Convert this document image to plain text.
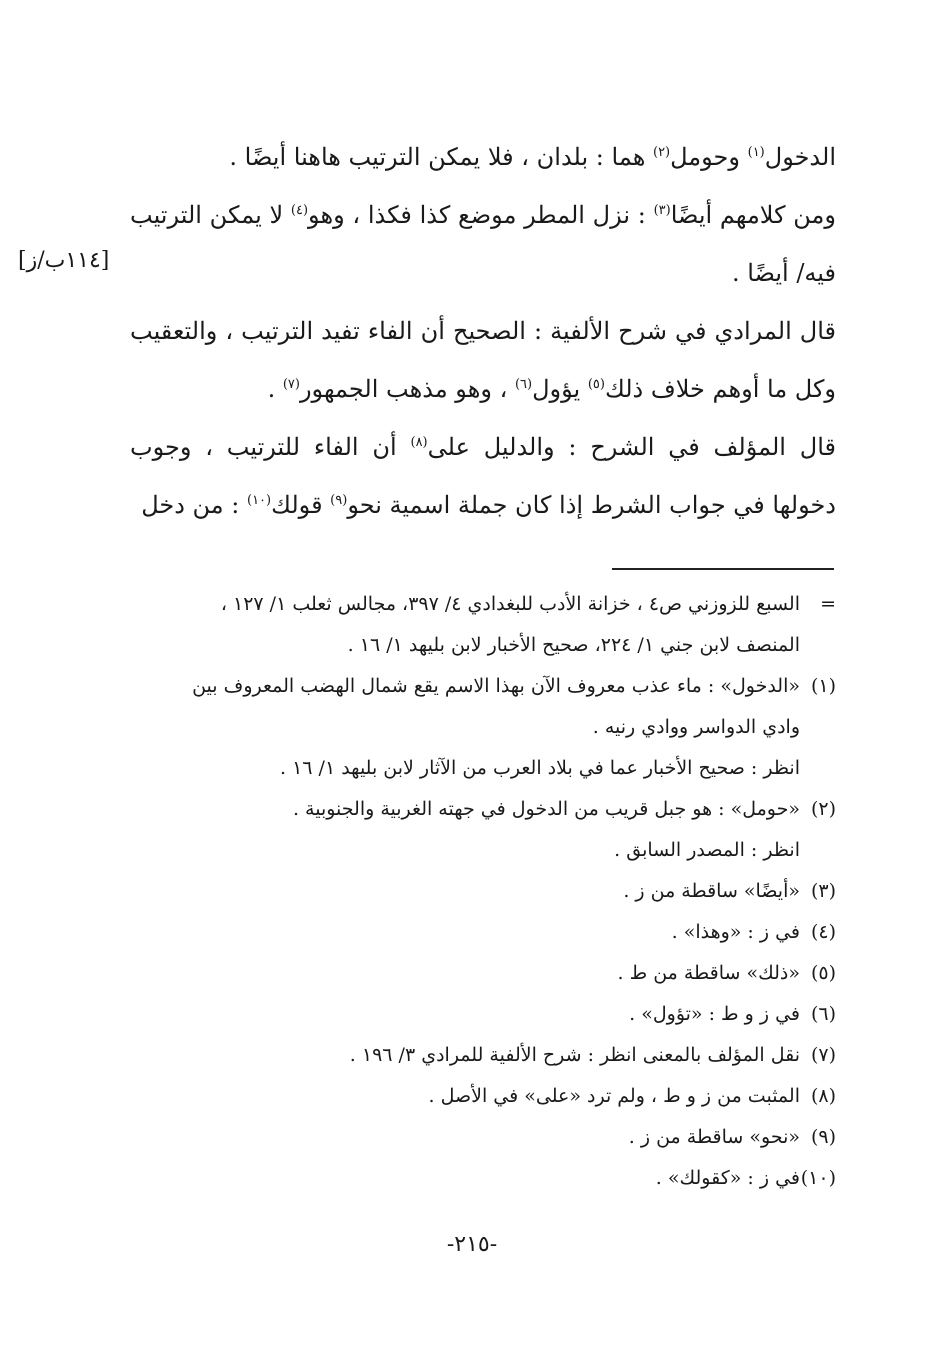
الدخول$^{(١)}$ وحومل$^{(٢)}$ هما : بلدان ، فلا يمكن الترتيب هاهنا أيضًا .

ومن كلامهم أيضًا$^{(٣)}$ : نزل المطر موضع كذا فكذا ، وهو$^{(٤)}$ لا يمكن الترتيب فيه/ أيضًا .

قال المرادي في شرح الألفية : الصحيح أن الفاء تفيد الترتيب ، والتعقيب وكل ما أوهم خلاف ذلك$^{(٥)}$ يؤول$^{(٦)}$ ، وهو مذهب الجمهور$^{(٧)}$ .

قال المؤلف في الشرح : والدليل على$^{(٨)}$ أن الفاء للترتيب ، وجوب دخولها في جواب الشرط إذا كان جملة اسمية نحو$^{(٩)}$ قولك$^{(١٠)}$ : من دخل

[١١٤ب/ز]
=
السبع للزوزني ص٤ ، خزانة الأدب للبغدادي ٤/ ٣٩٧، مجالس ثعلب ١/ ١٢٧ ،
المنصف لابن جني ١/ ٢٢٤، صحيح الأخبار لابن بليهد ١/ ١٦ .
(١)
«الدخول» : ماء عذب معروف الآن بهذا الاسم يقع شمال الهضب المعروف بين
وادي الدواسر ووادي رنيه .
انظر : صحيح الأخبار عما في بلاد العرب من الآثار لابن بليهد ١/ ١٦ .
(٢)
«حومل» : هو جبل قريب من الدخول في جهته الغربية والجنوبية .
انظر : المصدر السابق .
(٣)
«أيضًا» ساقطة من ز .
(٤)
في ز : «وهذا» .
(٥)
«ذلك» ساقطة من ط .
(٦)
في ز و ط : «تؤول» .
(٧)
نقل المؤلف بالمعنى انظر : شرح الألفية للمرادي ٣/ ١٩٦ .
(٨)
المثبت من ز و ط ، ولم ترد «على» في الأصل .
(٩)
«نحو» ساقطة من ز .
(١٠)
في ز : «كقولك» .
-٢١٥-
